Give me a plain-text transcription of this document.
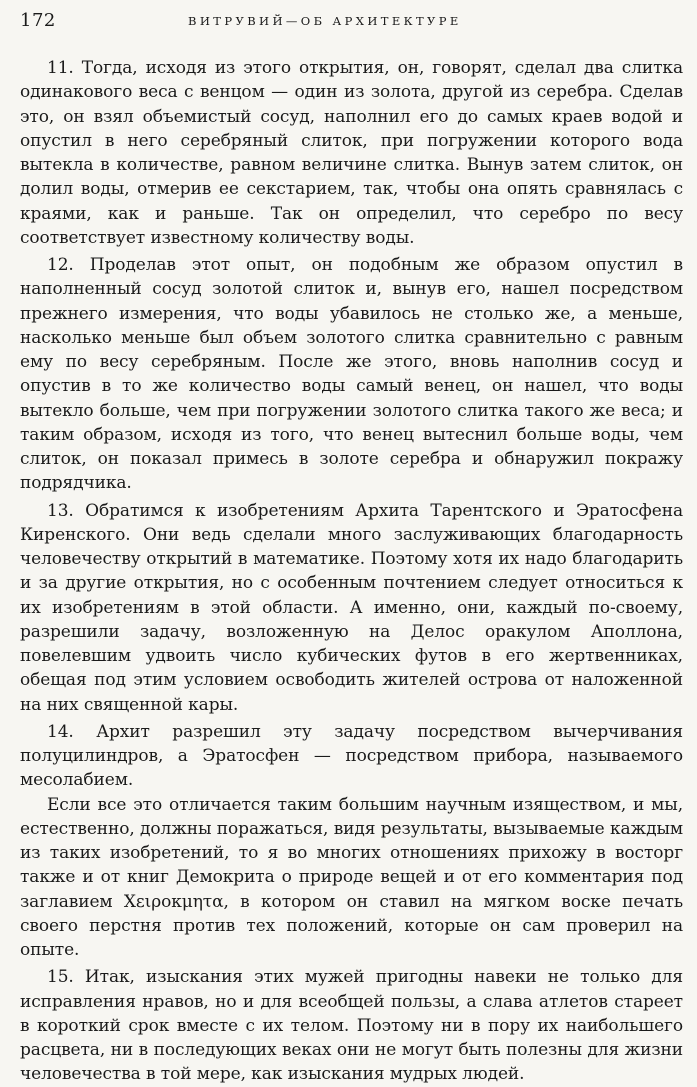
172	ВИТРУВИЙ—ОБ АРХИТЕКТУРЕ

11. Тогда, исходя из этого открытия, он, говорят, сделал два слитка одинакового веса с венцом — один из золота, другой из серебра. Сделав это, он взял объемистый сосуд, наполнил его до самых краев водой и опустил в него серебряный слиток, при погружении которого вода вытекла в количестве, равном величине слитка. Вынув затем слиток, он долил воды, отмерив ее секстарием, так, чтобы она опять сравнялась с краями, как и раньше. Так он определил, что серебро по весу соответствует известному количеству воды.

12. Проделав этот опыт, он подобным же образом опустил в наполненный сосуд золотой слиток и, вынув его, нашел посредством прежнего измерения, что воды убавилось не столько же, а меньше, насколько меньше был объем золотого слитка сравнительно с равным ему по весу серебряным. После же этого, вновь наполнив сосуд и опустив в то же количество воды самый венец, он нашел, что воды вытекло больше, чем при погружении золотого слитка такого же веса; и таким образом, исходя из того, что венец вытеснил больше воды, чем слиток, он показал примесь в золоте серебра и обнаружил покражу подрядчика.

13. Обратимся к изобретениям Архита Тарентского и Эратосфена Киренского. Они ведь сделали много заслуживающих благодарность человечеству открытий в математике. Поэтому хотя их надо благодарить и за другие открытия, но с особенным почтением следует относиться к их изобретениям в этой области. А именно, они, каждый по-своему, разрешили задачу, возложенную на Делос оракулом Аполлона, повелевшим удвоить число кубических футов в его жертвенниках, обещая под этим условием освободить жителей острова от наложенной на них священной кары.

14. Архит разрешил эту задачу посредством вычерчивания полуцилиндров, а Эратосфен — посредством прибора, называемого месолабием.

Если все это отличается таким большим научным изяществом, и мы, естественно, должны поражаться, видя результаты, вызываемые каждым из таких изобретений, то я во многих отношениях прихожу в восторг также и от книг Демокрита о природе вещей и от его комментария под заглавием Χειροκμητα, в котором он ставил на мягком воске печать своего перстня против тех положений, которые он сам проверил на опыте.

15. Итак, изыскания этих мужей пригодны навеки не только для исправления нравов, но и для всеобщей пользы, а слава атлетов стареет в короткий срок вместе с их телом. Поэтому ни в пору их наибольшего расцвета, ни в последующих веках они не могут быть полезны для жизни человечества в той мере, как изыскания мудрых людей.
